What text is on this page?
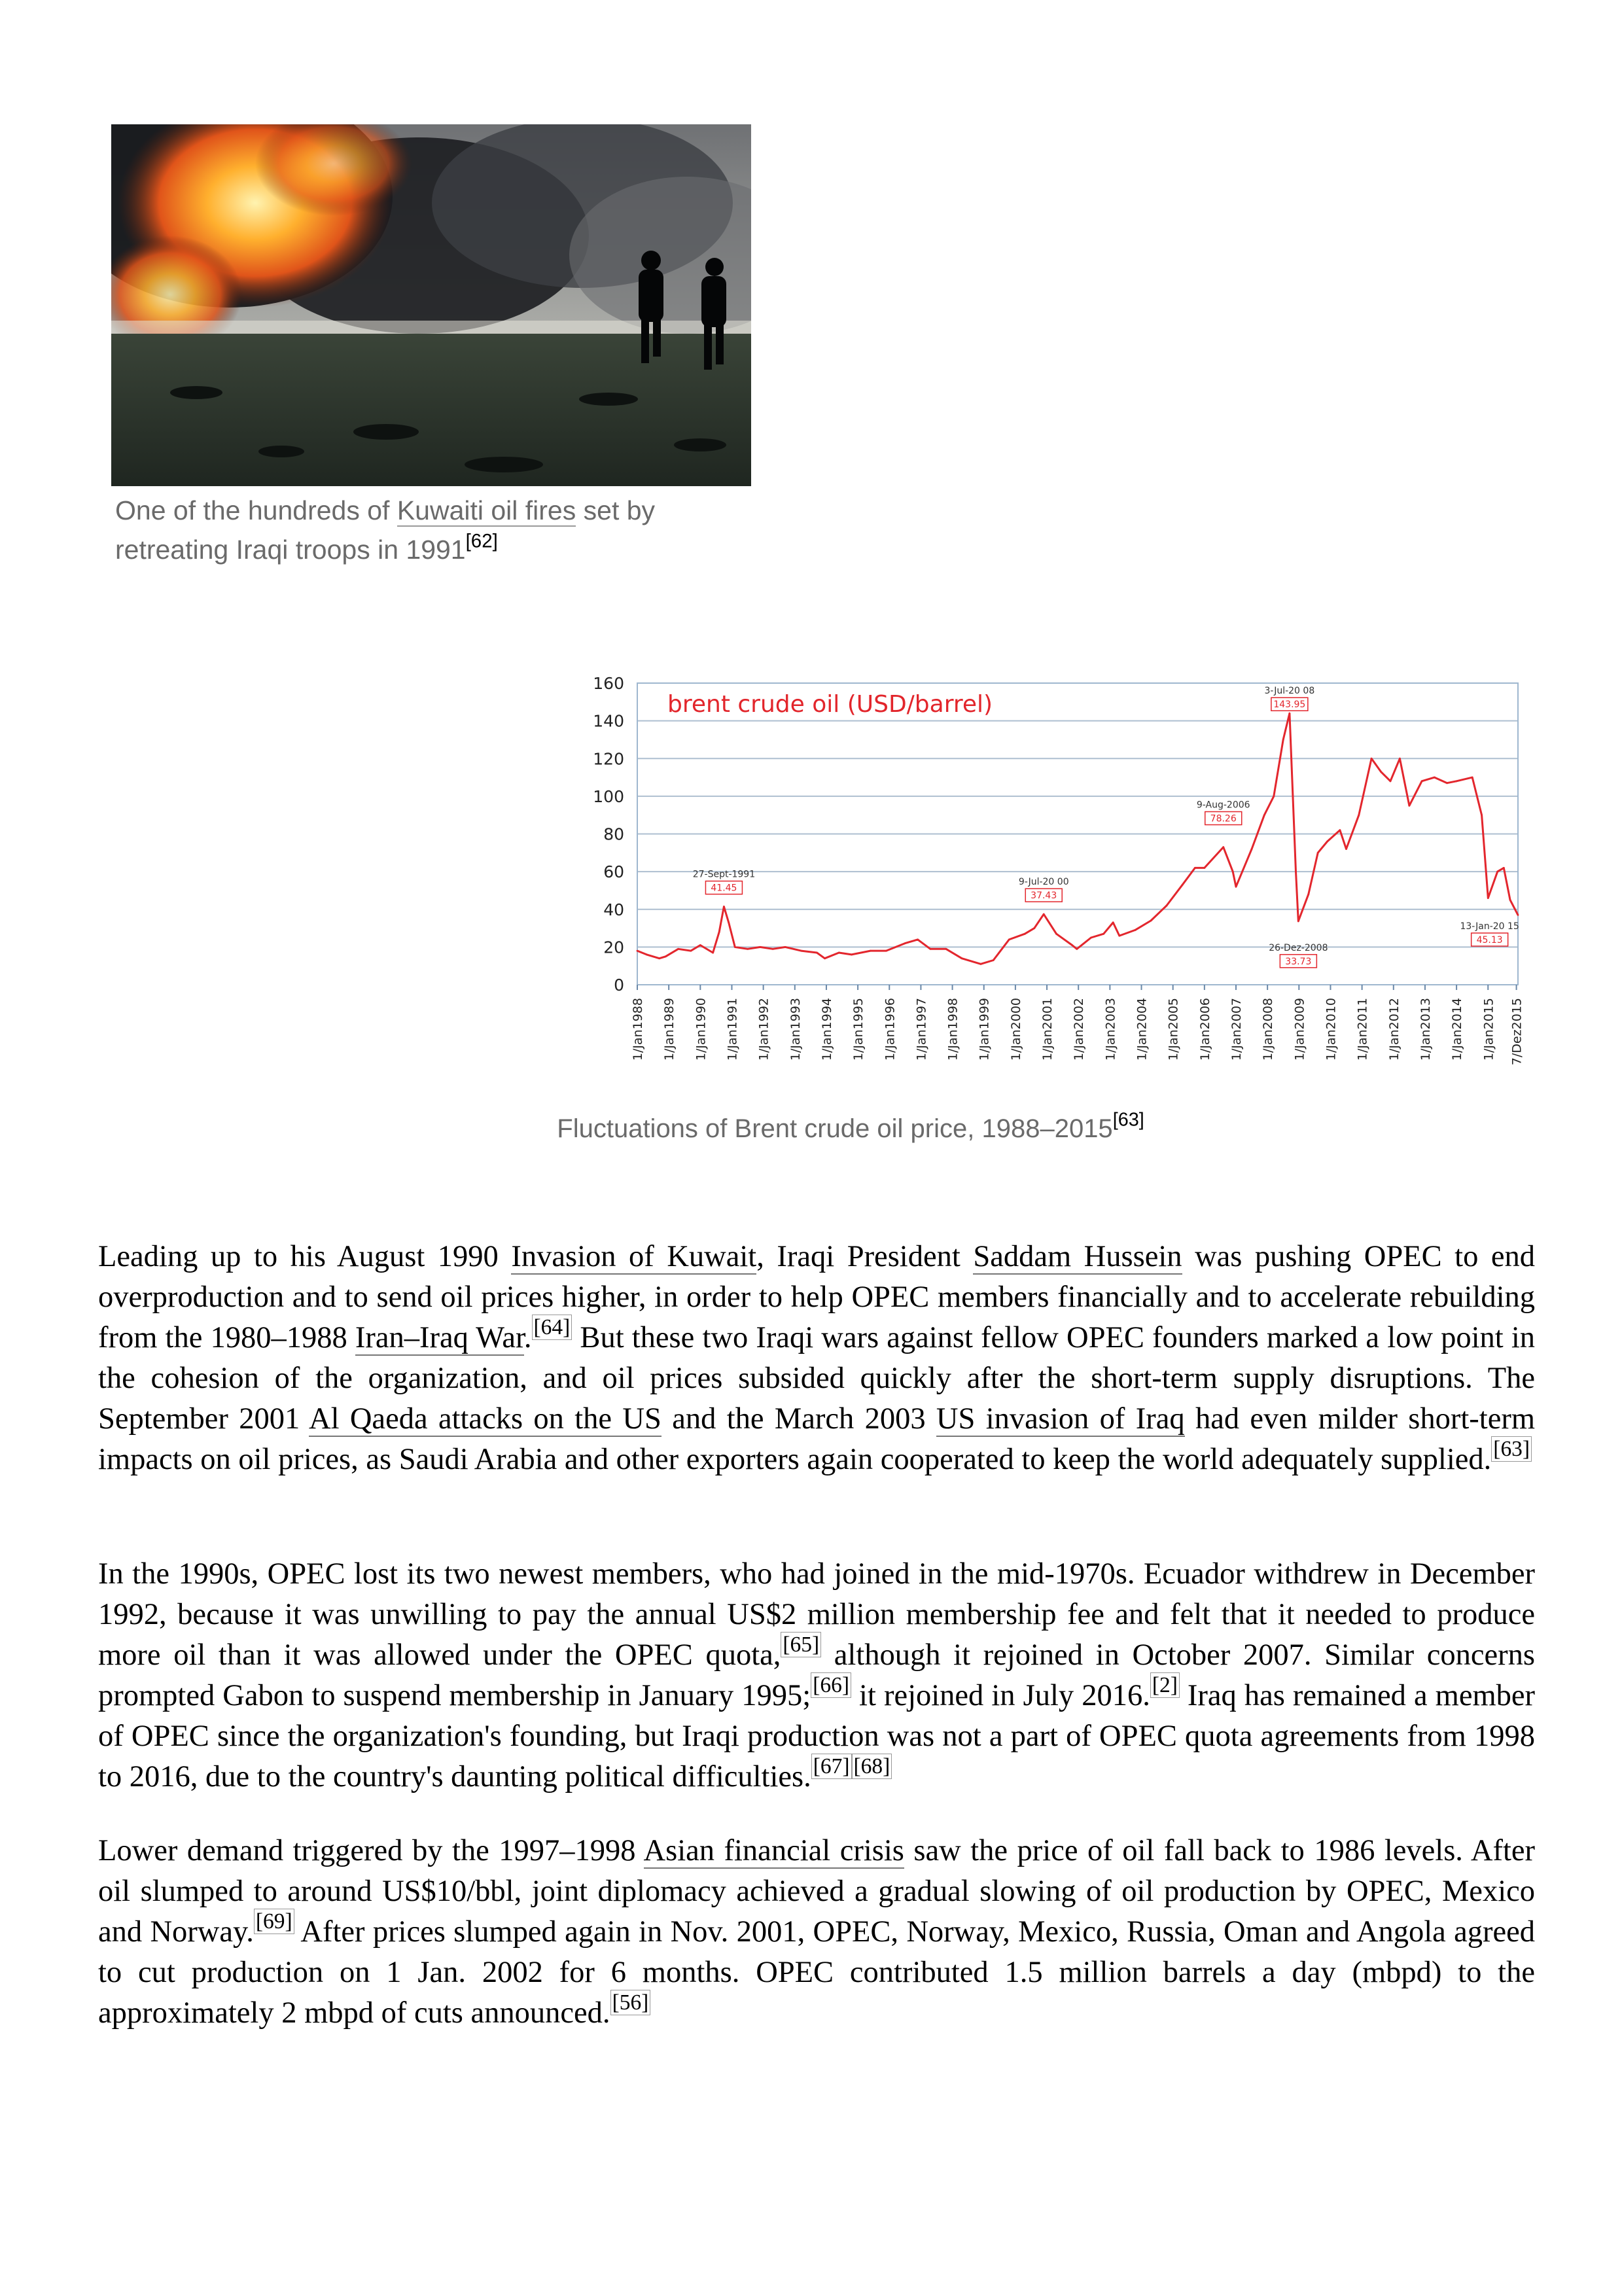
One of the hundreds of Kuwaiti oil fires set by retreating Iraqi troops in 1991[62]
brent crude oil (USD/barrel)
0
20
40
60
80
100
120
140
160
1/Jan1988 1/Jan1989 1/Jan1990 1/Jan1991 1/Jan1992 1/Jan1993 1/Jan1994 1/Jan1995 1/Jan1996 1/Jan1997 1/Jan1998 1/Jan1999 1/Jan2000 1/Jan2001 1/Jan2002 1/Jan2003 1/Jan2004 1/Jan2005 1/Jan2006 1/Jan2007 1/Jan2008 1/Jan2009 1/Jan2010 1/Jan2011 1/Jan2012 1/Jan2013 1/Jan2014 1/Jan2015 7/Dez2015
27-Sept-1991
41.45
9-Jul-20 00
37.43
9-Aug-2006
78.26
3-Jul-20 08
143.95
26-Dez-2008
33.73
13-Jan-20 15
45.13
Fluctuations of Brent crude oil price, 1988–2015[63]

Leading up to his August 1990 Invasion of Kuwait, Iraqi President Saddam Hussein was pushing OPEC to end overproduction and to send oil prices higher, in order to help OPEC members financially and to accelerate rebuilding from the 1980–1988 Iran–Iraq War.[64] But these two Iraqi wars against fellow OPEC founders marked a low point in the cohesion of the organization, and oil prices subsided quickly after the short-term supply disruptions. The September 2001 Al Qaeda attacks on the US and the March 2003 US invasion of Iraq had even milder short-term impacts on oil prices, as Saudi Arabia and other exporters again cooperated to keep the world adequately supplied.[63]

In the 1990s, OPEC lost its two newest members, who had joined in the mid-1970s. Ecuador withdrew in December 1992, because it was unwilling to pay the annual US$2 million membership fee and felt that it needed to produce more oil than it was allowed under the OPEC quota,[65] although it rejoined in October 2007. Similar concerns prompted Gabon to suspend membership in January 1995;[66] it rejoined in July 2016.[2] Iraq has remained a member of OPEC since the organization's founding, but Iraqi production was not a part of OPEC quota agreements from 1998 to 2016, due to the country's daunting political difficulties.[67] [68]

Lower demand triggered by the 1997–1998 Asian financial crisis saw the price of oil fall back to 1986 levels. After oil slumped to around US$10/bbl, joint diplomacy achieved a gradual slowing of oil production by OPEC, Mexico and Norway.[69] After prices slumped again in Nov. 2001, OPEC, Norway, Mexico, Russia, Oman and Angola agreed to cut production on 1 Jan. 2002 for 6 months. OPEC contributed 1.5 million barrels a day (mbpd) to the approximately 2 mbpd of cuts announced.[56]
